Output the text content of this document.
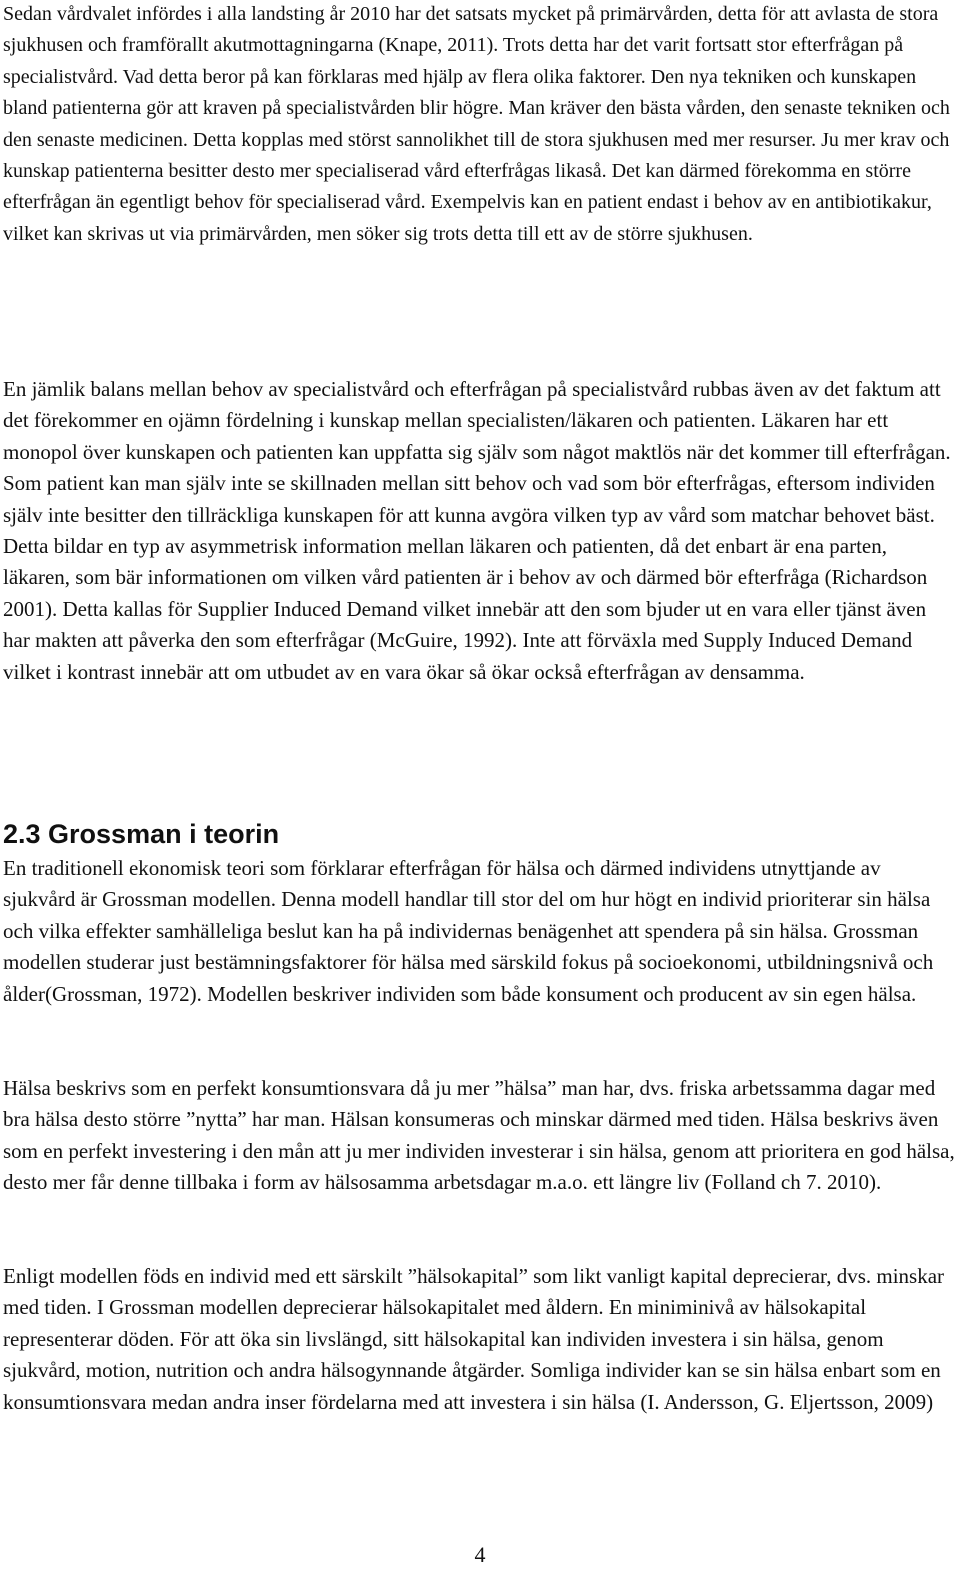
Sedan vårdvalet infördes i alla landsting år 2010 har det satsats mycket på primärvården, detta för att avlasta de stora sjukhusen och framförallt akutmottagningarna (Knape, 2011). Trots detta har det varit fortsatt stor efterfrågan på specialistvård. Vad detta beror på kan förklaras med hjälp av flera olika faktorer. Den nya tekniken och kunskapen bland patienterna gör att kraven på specialistvården blir högre. Man kräver den bästa vården, den senaste tekniken och den senaste medicinen. Detta kopplas med störst sannolikhet till de stora sjukhusen med mer resurser. Ju mer krav och kunskap patienterna besitter desto mer specialiserad vård efterfrågas likaså. Det kan därmed förekomma en större efterfrågan än egentligt behov för specialiserad vård. Exempelvis kan en patient endast i behov av en antibiotikakur, vilket kan skrivas ut via primärvården, men söker sig trots detta till ett av de större sjukhusen.

En jämlik balans mellan behov av specialistvård och efterfrågan på specialistvård rubbas även av det faktum att det förekommer en ojämn fördelning i kunskap mellan specialisten/läkaren och patienten. Läkaren har ett monopol över kunskapen och patienten kan uppfatta sig själv som något maktlös när det kommer till efterfrågan. Som patient kan man själv inte se skillnaden mellan sitt behov och vad som bör efterfrågas, eftersom individen själv inte besitter den tillräckliga kunskapen för att kunna avgöra vilken typ av vård som matchar behovet bäst. Detta bildar en typ av asymmetrisk information mellan läkaren och patienten, då det enbart är ena parten, läkaren, som bär informationen om vilken vård patienten är i behov av och därmed bör efterfråga (Richardson 2001). Detta kallas för Supplier Induced Demand vilket innebär att den som bjuder ut en vara eller tjänst även har makten att påverka den som efterfrågar (McGuire, 1992). Inte att förväxla med Supply Induced Demand vilket i kontrast innebär att om utbudet av en vara ökar så ökar också efterfrågan av densamma.

2.3 Grossman i teorin

En traditionell ekonomisk teori som förklarar efterfrågan för hälsa och därmed individens utnyttjande av sjukvård är Grossman modellen. Denna modell handlar till stor del om hur högt en individ prioriterar sin hälsa och vilka effekter samhälleliga beslut kan ha på individernas benägenhet att spendera på sin hälsa. Grossman modellen studerar just bestämningsfaktorer för hälsa med särskild fokus på socioekonomi, utbildningsnivå och ålder(Grossman, 1972). Modellen beskriver individen som både konsument och producent av sin egen hälsa.

Hälsa beskrivs som en perfekt konsumtionsvara då ju mer ”hälsa” man har, dvs. friska arbetssamma dagar med bra hälsa desto större ”nytta” har man. Hälsan konsumeras och minskar därmed med tiden. Hälsa beskrivs även som en perfekt investering i den mån att ju mer individen investerar i sin hälsa, genom att prioritera en god hälsa, desto mer får denne tillbaka i form av hälsosamma arbetsdagar m.a.o. ett längre liv (Folland ch 7. 2010).

Enligt modellen föds en individ med ett särskilt ”hälsokapital” som likt vanligt kapital deprecierar, dvs. minskar med tiden. I Grossman modellen deprecierar hälsokapitalet med åldern. En miniminivå av hälsokapital representerar döden. För att öka sin livslängd, sitt hälsokapital kan individen investera i sin hälsa, genom sjukvård, motion, nutrition och andra hälsogynnande åtgärder. Somliga individer kan se sin hälsa enbart som en konsumtionsvara medan andra inser fördelarna med att investera i sin hälsa (I. Andersson, G. Eljertsson, 2009)

4
